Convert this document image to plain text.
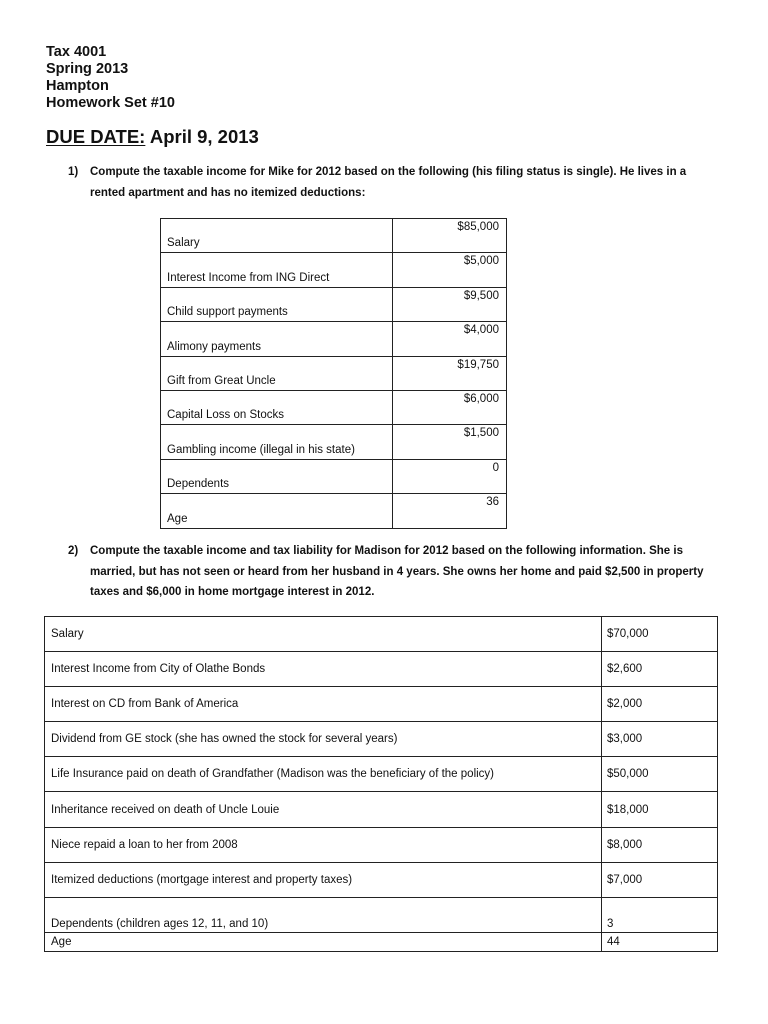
Tax 4001
Spring 2013
Hampton
Homework Set #10
DUE DATE: April 9, 2013
1)	Compute the taxable income for Mike for 2012 based on the following (his filing status is single). He lives in a rented apartment and has no itemized deductions:
Salary	$85,000
Interest Income from ING Direct	$5,000
Child support payments	$9,500
Alimony payments	$4,000
Gift from Great Uncle	$19,750
Capital Loss on Stocks	$6,000
Gambling income (illegal in his state)	$1,500
Dependents	0
Age	36
2)	Compute the taxable income and tax liability for Madison for 2012 based on the following information. She is married, but has not seen or heard from her husband in 4 years. She owns her home and paid $2,500 in property taxes and $6,000 in home mortgage interest in 2012.
Salary	$70,000
Interest Income from City of Olathe Bonds	$2,600
Interest on CD from Bank of America	$2,000
Dividend from GE stock (she has owned the stock for several years)	$3,000
Life Insurance paid on death of Grandfather (Madison was the beneficiary of the policy)	$50,000
Inheritance received on death of Uncle Louie	$18,000
Niece repaid a loan to her from 2008	$8,000
Itemized deductions (mortgage interest and property taxes)	$7,000
Dependents (children ages 12, 11, and 10)	3
Age	44
